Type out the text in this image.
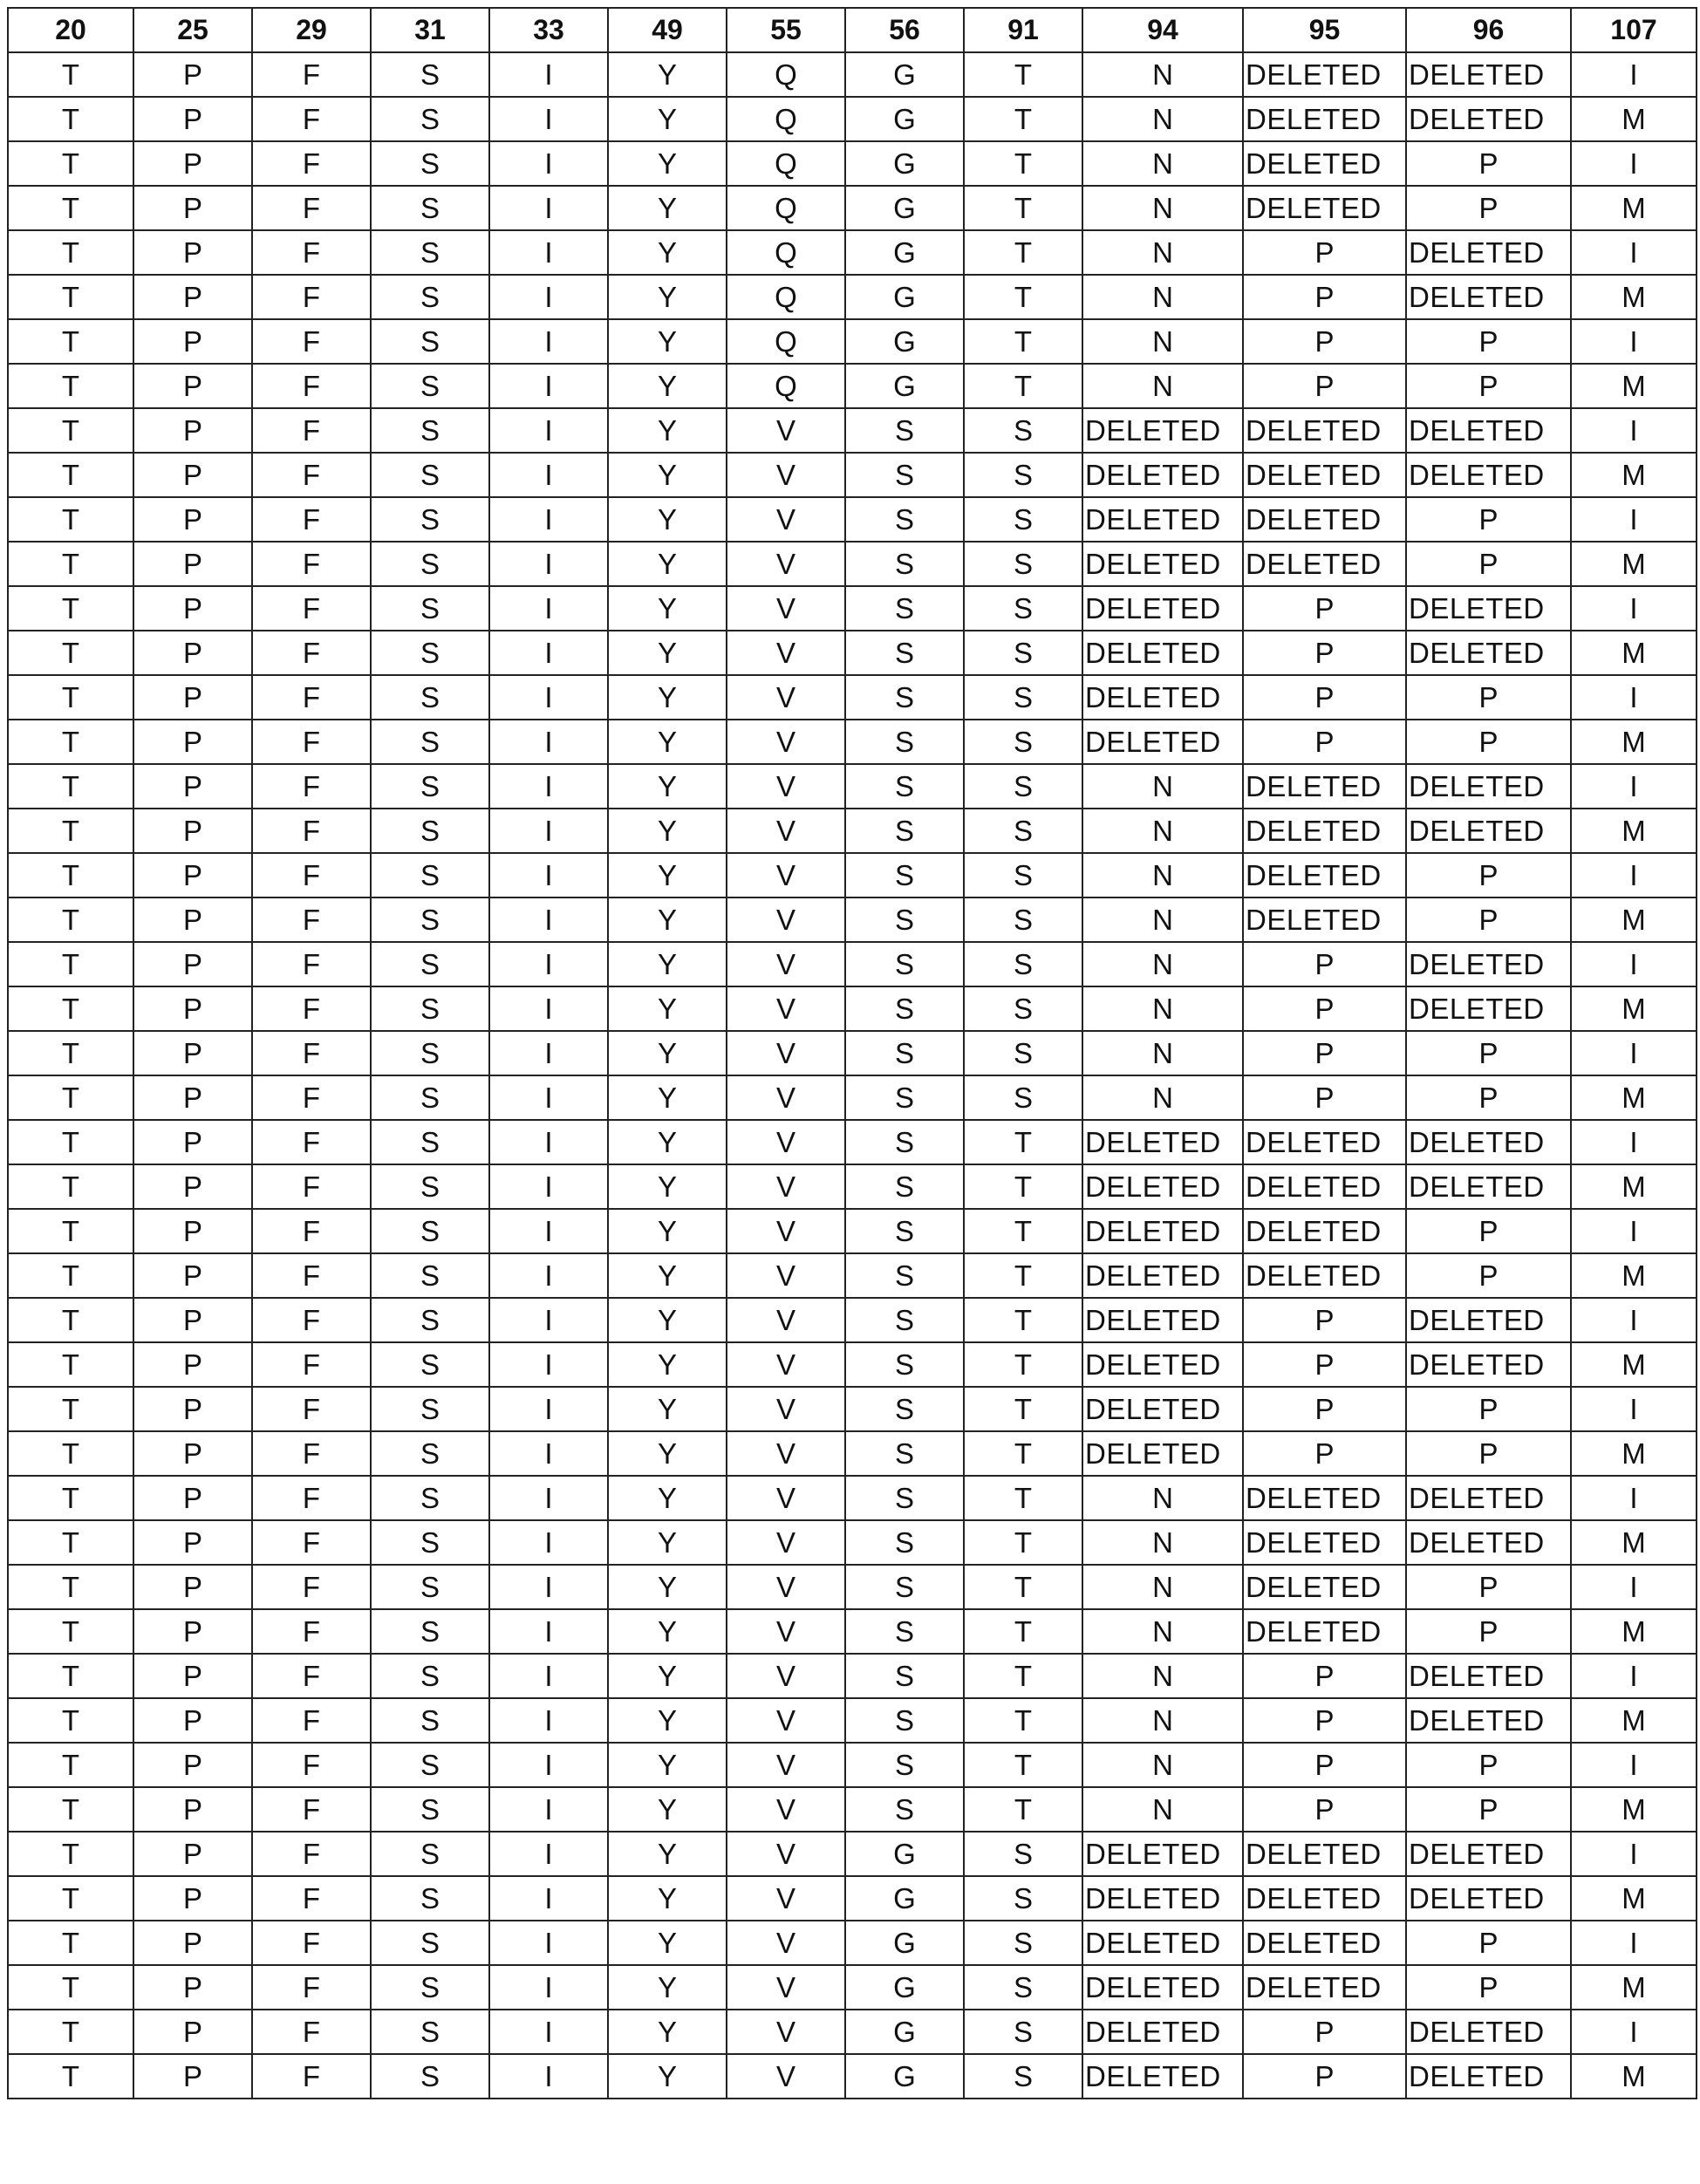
20	25	29	31	33	49	55	56	91	94	95	96	107
T	P	F	S	I	Y	Q	G	T	N	DELETED	DELETED	I
T	P	F	S	I	Y	Q	G	T	N	DELETED	DELETED	M
T	P	F	S	I	Y	Q	G	T	N	DELETED	P	I
T	P	F	S	I	Y	Q	G	T	N	DELETED	P	M
T	P	F	S	I	Y	Q	G	T	N	P	DELETED	I
T	P	F	S	I	Y	Q	G	T	N	P	DELETED	M
T	P	F	S	I	Y	Q	G	T	N	P	P	I
T	P	F	S	I	Y	Q	G	T	N	P	P	M
T	P	F	S	I	Y	V	S	S	DELETED	DELETED	DELETED	I
T	P	F	S	I	Y	V	S	S	DELETED	DELETED	DELETED	M
T	P	F	S	I	Y	V	S	S	DELETED	DELETED	P	I
T	P	F	S	I	Y	V	S	S	DELETED	DELETED	P	M
T	P	F	S	I	Y	V	S	S	DELETED	P	DELETED	I
T	P	F	S	I	Y	V	S	S	DELETED	P	DELETED	M
T	P	F	S	I	Y	V	S	S	DELETED	P	P	I
T	P	F	S	I	Y	V	S	S	DELETED	P	P	M
T	P	F	S	I	Y	V	S	S	N	DELETED	DELETED	I
T	P	F	S	I	Y	V	S	S	N	DELETED	DELETED	M
T	P	F	S	I	Y	V	S	S	N	DELETED	P	I
T	P	F	S	I	Y	V	S	S	N	DELETED	P	M
T	P	F	S	I	Y	V	S	S	N	P	DELETED	I
T	P	F	S	I	Y	V	S	S	N	P	DELETED	M
T	P	F	S	I	Y	V	S	S	N	P	P	I
T	P	F	S	I	Y	V	S	S	N	P	P	M
T	P	F	S	I	Y	V	S	T	DELETED	DELETED	DELETED	I
T	P	F	S	I	Y	V	S	T	DELETED	DELETED	DELETED	M
T	P	F	S	I	Y	V	S	T	DELETED	DELETED	P	I
T	P	F	S	I	Y	V	S	T	DELETED	DELETED	P	M
T	P	F	S	I	Y	V	S	T	DELETED	P	DELETED	I
T	P	F	S	I	Y	V	S	T	DELETED	P	DELETED	M
T	P	F	S	I	Y	V	S	T	DELETED	P	P	I
T	P	F	S	I	Y	V	S	T	DELETED	P	P	M
T	P	F	S	I	Y	V	S	T	N	DELETED	DELETED	I
T	P	F	S	I	Y	V	S	T	N	DELETED	DELETED	M
T	P	F	S	I	Y	V	S	T	N	DELETED	P	I
T	P	F	S	I	Y	V	S	T	N	DELETED	P	M
T	P	F	S	I	Y	V	S	T	N	P	DELETED	I
T	P	F	S	I	Y	V	S	T	N	P	DELETED	M
T	P	F	S	I	Y	V	S	T	N	P	P	I
T	P	F	S	I	Y	V	S	T	N	P	P	M
T	P	F	S	I	Y	V	G	S	DELETED	DELETED	DELETED	I
T	P	F	S	I	Y	V	G	S	DELETED	DELETED	DELETED	M
T	P	F	S	I	Y	V	G	S	DELETED	DELETED	P	I
T	P	F	S	I	Y	V	G	S	DELETED	DELETED	P	M
T	P	F	S	I	Y	V	G	S	DELETED	P	DELETED	I
T	P	F	S	I	Y	V	G	S	DELETED	P	DELETED	M
